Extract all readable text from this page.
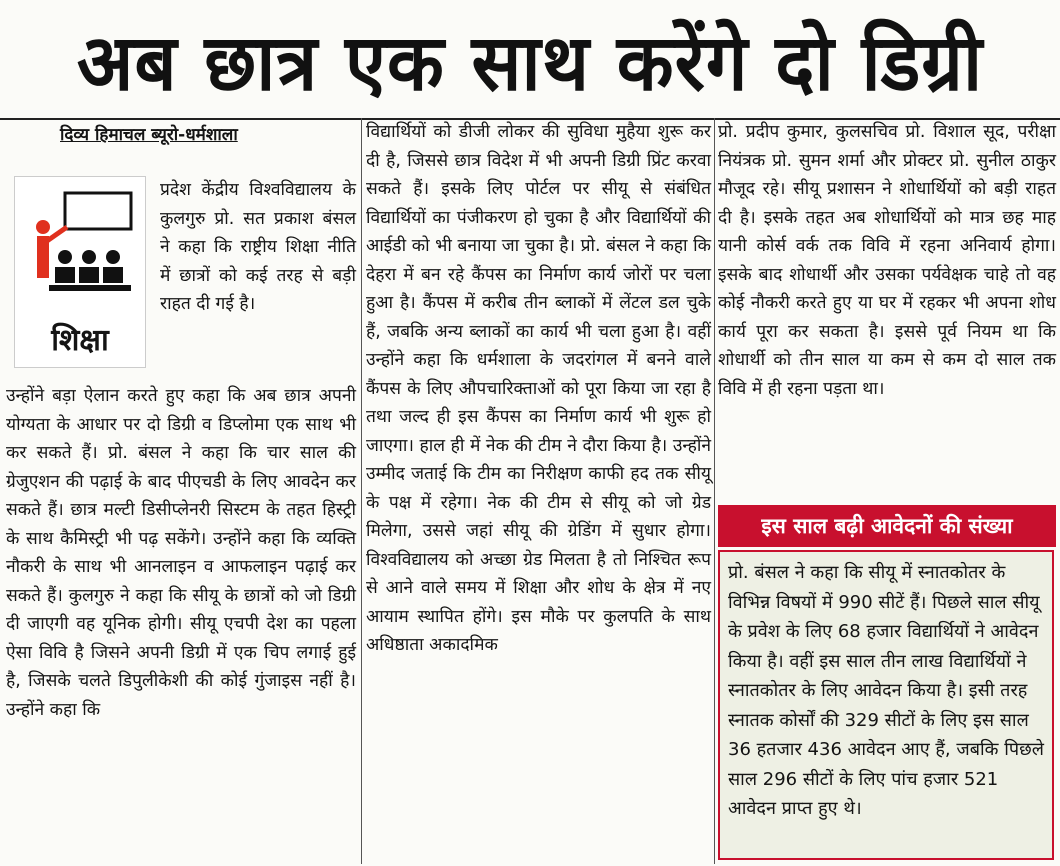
अब छात्र एक साथ करेंगे दो डिग्री
दिव्य हिमाचल ब्यूरो-धर्मशाला
शिक्षा
प्रदेश केंद्रीय विश्वविद्यालय के कुलगुरु प्रो. सत प्रकाश बंसल ने कहा कि राष्ट्रीय शिक्षा नीति में छात्रों को कई तरह से बड़ी राहत दी गई है।
उन्होंने बड़ा ऐलान करते हुए कहा कि अब छात्र अपनी योग्यता के आधार पर दो डिग्री व डिप्लोमा एक साथ भी कर सकते हैं। प्रो. बंसल ने कहा कि चार साल की ग्रेजुएशन की पढ़ाई के बाद पीएचडी के लिए आवदेन कर सकते हैं। छात्र मल्टी डिसीप्लेनरी सिस्टम के तहत हिस्ट्री के साथ कैमिस्ट्री भी पढ़ सकेंगे। उन्होंने कहा कि व्यक्ति नौकरी के साथ भी आनलाइन व आफलाइन पढ़ाई कर सकते हैं। कुलगुरु ने कहा कि सीयू के छात्रों को जो डिग्री दी जाएगी वह यूनिक होगी। सीयू एचपी देश का पहला ऐसा विवि है जिसने अपनी डिग्री में एक चिप लगाई हुई है, जिसके चलते डिपुलीकेशी की कोई गुंजाइस नहीं है। उन्होंने कहा कि
विद्यार्थियों को डीजी लोकर की सुविधा मुहैया शुरू कर दी है, जिससे छात्र विदेश में भी अपनी डिग्री प्रिंट करवा सकते हैं। इसके लिए पोर्टल पर सीयू से संबंधित विद्यार्थियों का पंजीकरण हो चुका है और विद्यार्थियों की आईडी को भी बनाया जा चुका है। प्रो. बंसल ने कहा कि देहरा में बन रहे कैंपस का निर्माण कार्य जोरों पर चला हुआ है। कैंपस में करीब तीन ब्लाकों में लेंटल डल चुके हैं, जबकि अन्य ब्लाकों का कार्य भी चला हुआ है। वहीं उन्होंने कहा कि धर्मशाला के जदरांगल में बनने वाले कैंपस के लिए औपचारिक्ताओं को पूरा किया जा रहा है तथा जल्द ही इस कैंपस का निर्माण कार्य भी शुरू हो जाएगा। हाल ही में नेक की टीम ने दौरा किया है। उन्होंने उम्मीद जताई कि टीम का निरीक्षण काफी हद तक सीयू के पक्ष में रहेगा। नेक की टीम से सीयू को जो ग्रेड मिलेगा, उससे जहां सीयू की ग्रेडिंग में सुधार होगा। विश्वविद्यालय को अच्छा ग्रेड मिलता है तो निश्चित रूप से आने वाले समय में शिक्षा और शोध के क्षेत्र में नए आयाम स्थापित होंगे। इस मौके पर कुलपति के साथ अधिष्ठाता अकादमिक
प्रो. प्रदीप कुमार, कुलसचिव प्रो. विशाल सूद, परीक्षा नियंत्रक प्रो. सुमन शर्मा और प्रोक्टर प्रो. सुनील ठाकुर मौजूद रहे। सीयू प्रशासन ने शोधार्थियों को बड़ी राहत दी है। इसके तहत अब शोधार्थियों को मात्र छह माह यानी कोर्स वर्क तक विवि में रहना अनिवार्य होगा। इसके बाद शोधार्थी और उसका पर्यवेक्षक चाहे तो वह कोई नौकरी करते हुए या घर में रहकर भी अपना शोध कार्य पूरा कर सकता है। इससे पूर्व नियम था कि शोधार्थी को तीन साल या कम से कम दो साल तक विवि में ही रहना पड़ता था।
इस साल बढ़ी आवेदनों की संख्या
प्रो. बंसल ने कहा कि सीयू में स्नातकोतर के विभिन्न विषयों में 990 सीटें हैं। पिछले साल सीयू के प्रवेश के लिए 68 हजार विद्यार्थियों ने आवेदन किया है। वहीं इस साल तीन लाख विद्यार्थियों ने स्नातकोतर के लिए आवेदन किया है। इसी तरह स्नातक कोर्सों की 329 सीटों के लिए इस साल 36 हतजार 436 आवेदन आए हैं, जबकि पिछले साल 296 सीटों के लिए पांच हजार 521 आवेदन प्राप्त हुए थे।
